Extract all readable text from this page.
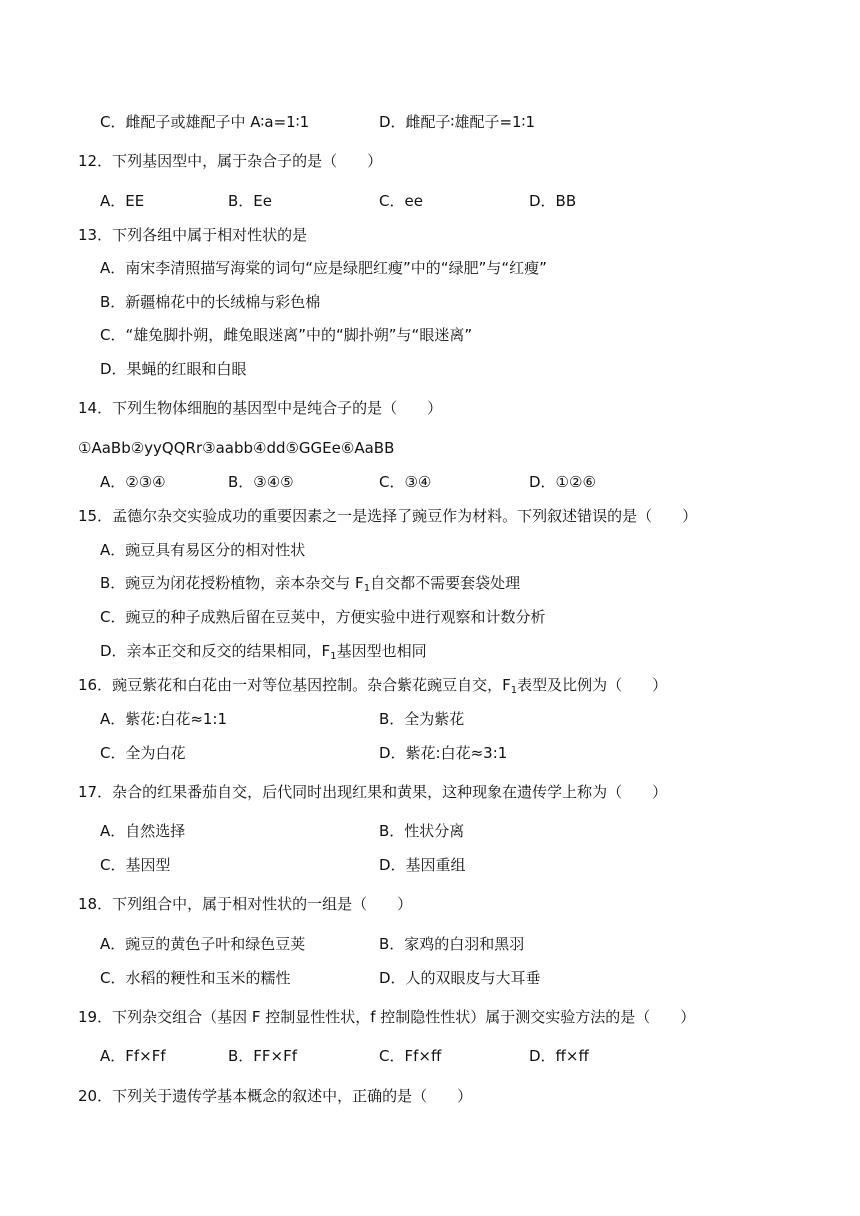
C．雌配子或雄配子中 A∶a=1∶1	D．雌配子∶雄配子=1∶1
12．下列基因型中，属于杂合子的是（　　）
A．EE	B．Ee	C．ee	D．BB
13．下列各组中属于相对性状的是
A．南宋李清照描写海棠的词句“应是绿肥红瘦”中的“绿肥”与“红瘦”
B．新疆棉花中的长绒棉与彩色棉
C．“雄兔脚扑朔，雌兔眼迷离”中的“脚扑朔”与“眼迷离”
D．果蝇的红眼和白眼
14．下列生物体细胞的基因型中是纯合子的是（　　）
①AaBb②yyQQRr③aabb④dd⑤GGEe⑥AaBB
A．②③④	B．③④⑤	C．③④	D．①②⑥
15．孟德尔杂交实验成功的重要因素之一是选择了豌豆作为材料。下列叙述错误的是（　　）
A．豌豆具有易区分的相对性状
B．豌豆为闭花授粉植物，亲本杂交与 $F_1$自交都不需要套袋处理
C．豌豆的种子成熟后留在豆荚中，方便实验中进行观察和计数分析
D．亲本正交和反交的结果相同，$F_1$基因型也相同
16．豌豆紫花和白花由一对等位基因控制。杂合紫花豌豆自交，$F_1$表型及比例为（　　）
A．紫花:白花≈1:1	B．全为紫花
C．全为白花	D．紫花:白花≈3:1
17．杂合的红果番茄自交，后代同时出现红果和黄果，这种现象在遗传学上称为（　　）
A．自然选择	B．性状分离
C．基因型	D．基因重组
18．下列组合中，属于相对性状的一组是（　　）
A．豌豆的黄色子叶和绿色豆荚	B．家鸡的白羽和黑羽
C．水稻的粳性和玉米的糯性	D．人的双眼皮与大耳垂
19．下列杂交组合（基因 F 控制显性性状，f 控制隐性性状）属于测交实验方法的是（　　）
A．Ff×Ff	B．FF×Ff	C．Ff×ff	D．ff×ff
20．下列关于遗传学基本概念的叙述中，正确的是（　　）
